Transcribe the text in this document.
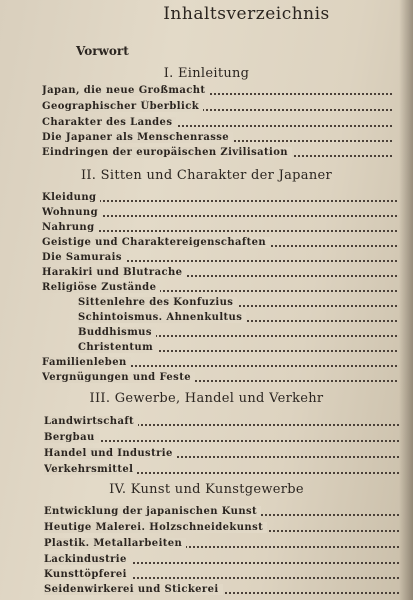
Inhaltsverzeichnis
Vorwort
I. Einleitung
Japan, die neue Großmacht
Geographischer Überblick
Charakter des Landes
Die Japaner als Menschenrasse
Eindringen der europäischen Zivilisation
II. Sitten und Charakter der Japaner
Kleidung
Wohnung
Nahrung
Geistige und Charaktereigenschaften
Die Samurais
Harakiri und Blutrache
Religiöse Zustände
Sittenlehre des Konfuzius
Schintoismus. Ahnenkultus
Buddhismus
Christentum
Familienleben
Vergnügungen und Feste
III. Gewerbe, Handel und Verkehr
Landwirtschaft
Bergbau
Handel und Industrie
Verkehrsmittel
IV. Kunst und Kunstgewerbe
Entwicklung der japanischen Kunst
Heutige Malerei. Holzschneidekunst
Plastik. Metallarbeiten
Lackindustrie
Kunsttöpferei
Seidenwirkerei und Stickerei
